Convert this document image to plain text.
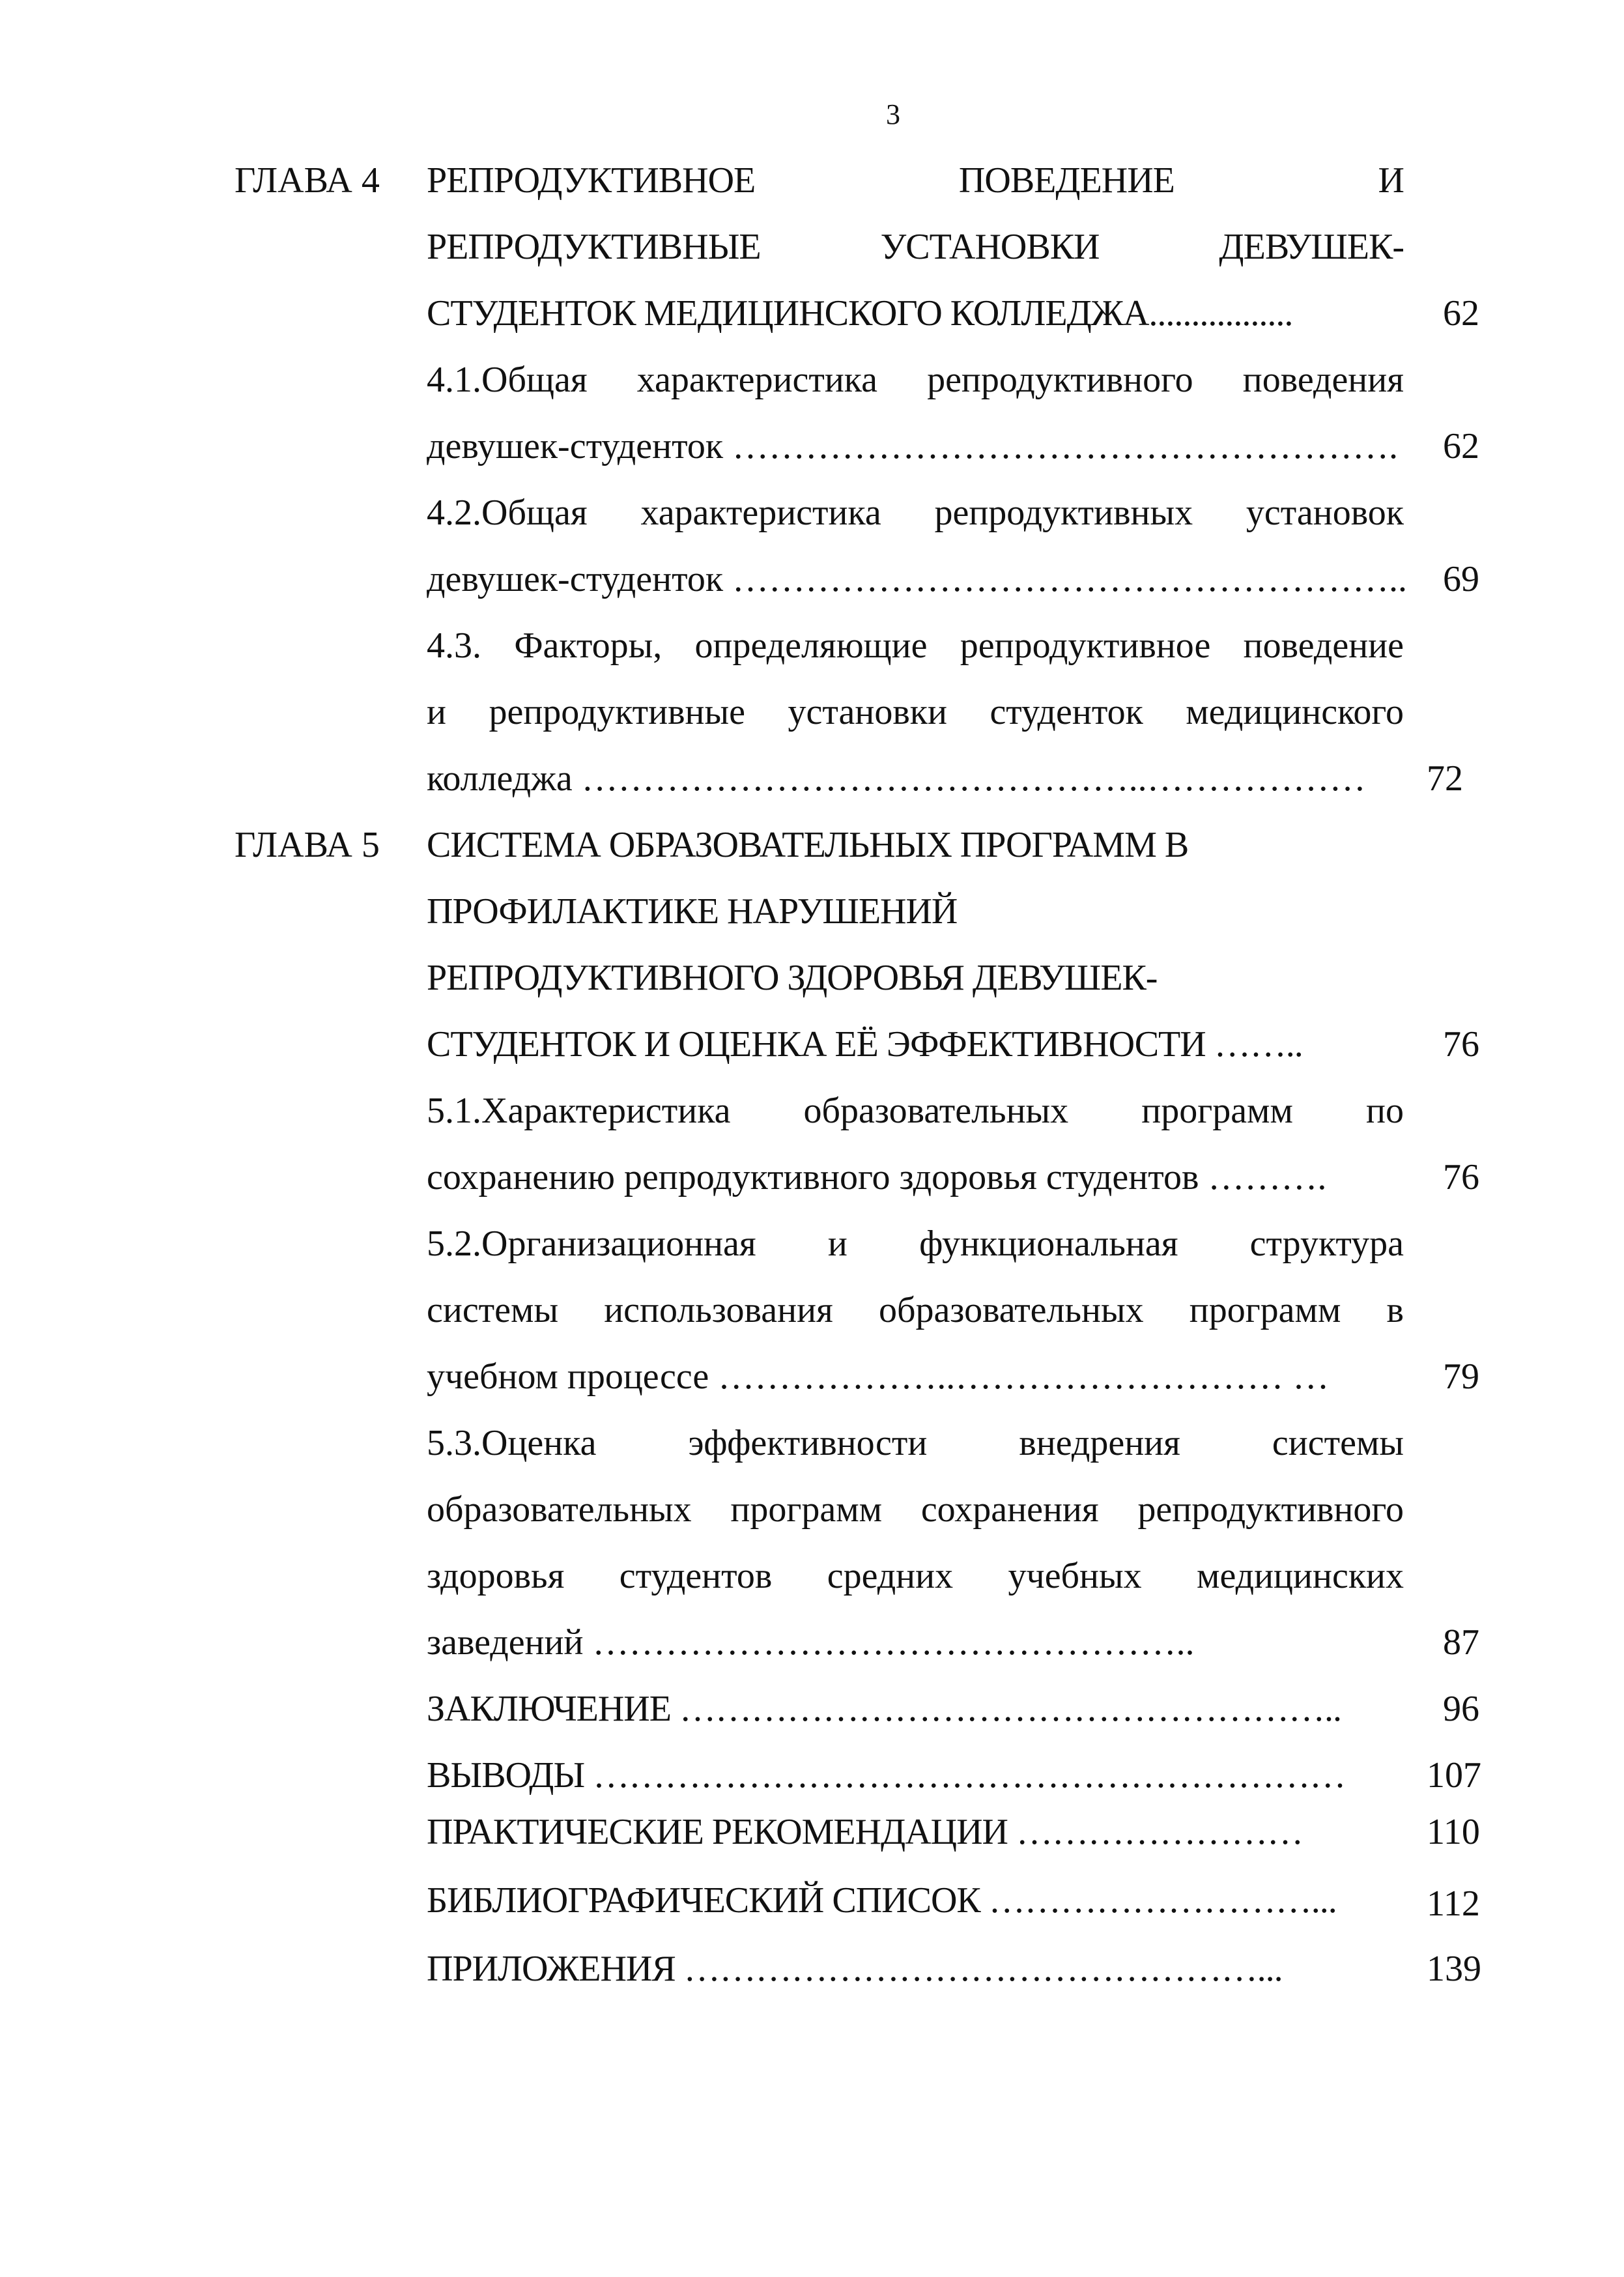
3
ГЛАВА 4 РЕПРОДУКТИВНОЕ ПОВЕДЕНИЕ И
РЕПРОДУКТИВНЫЕ УСТАНОВКИ ДЕВУШЕК-
СТУДЕНТОК МЕДИЦИНСКОГО КОЛЛЕДЖА.................	62
4.1.Общая характеристика репродуктивного поведения
девушек-студенток ………………………………………………. 62
4.2.Общая характеристика репродуктивных установок
девушек-студенток ……………………………………………….. 69
4.3. Факторы, определяющие репродуктивное поведение
и репродуктивные установки студенток медицинского
колледжа ………………………………………..………………	72
ГЛАВА 5 СИСТЕМА ОБРАЗОВАТЕЛЬНЫХ ПРОГРАММ В
ПРОФИЛАКТИКЕ НАРУШЕНИЙ
РЕПРОДУКТИВНОГО ЗДОРОВЬЯ ДЕВУШЕК-
СТУДЕНТОК И ОЦЕНКА ЕЁ ЭФФЕКТИВНОСТИ ……..	76
5.1.Характеристика образовательных программ по
сохранению репродуктивного здоровья студентов ……….	76
5.2.Организационная и функциональная структура
системы использования образовательных программ в
учебном процессе ………………..……………………… …	79
5.3.Оценка эффективности внедрения системы
образовательных программ сохранения репродуктивного
здоровья студентов средних учебных медицинских
заведений …………………………………………..	87
ЗАКЛЮЧЕНИЕ ………………………………………………..	96
ВЫВОДЫ ………………………………………………………	107
ПРАКТИЧЕСКИЕ РЕКОМЕНДАЦИИ ……………………	110
БИБЛИОГРАФИЧЕСКИЙ СПИСОК ………………………...	112
ПРИЛОЖЕНИЯ …………………………………………...	139
